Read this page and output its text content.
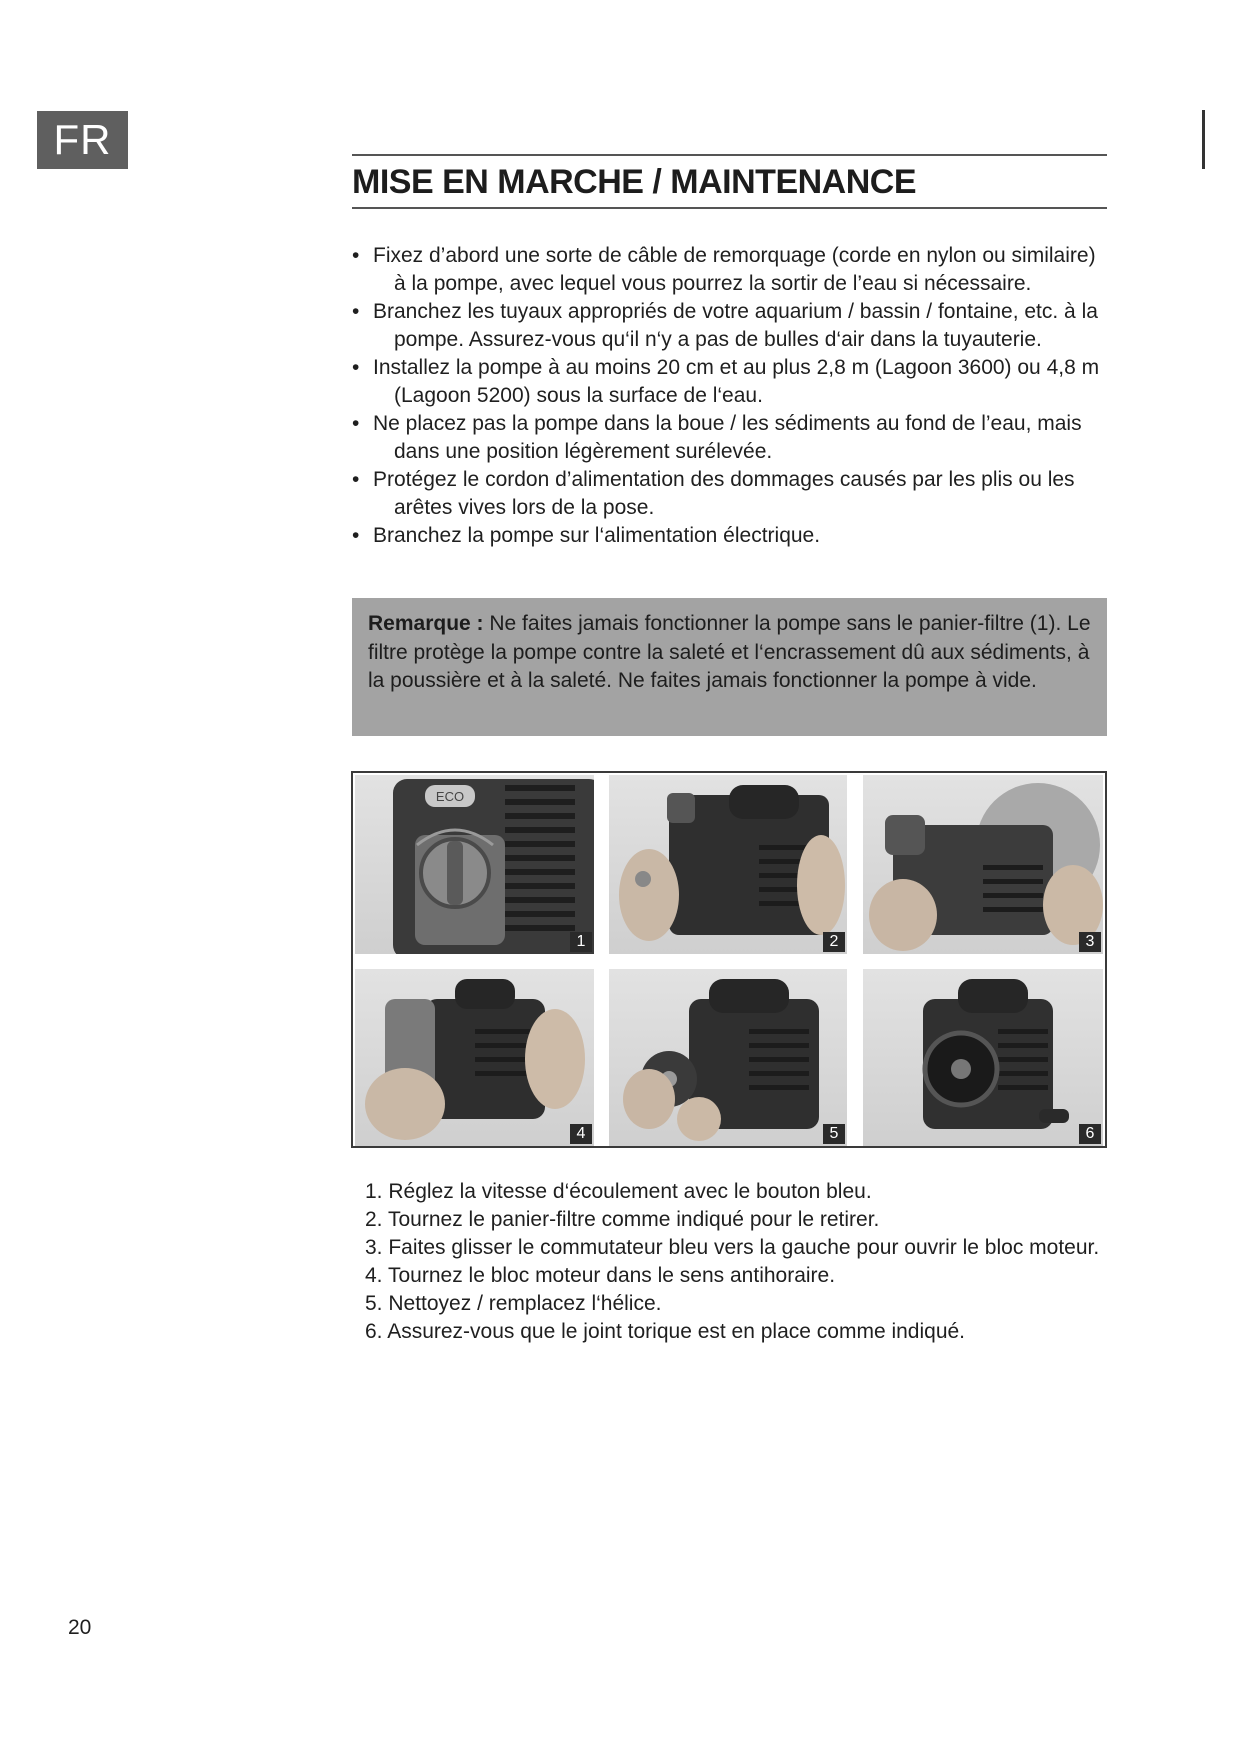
FR
MISE EN MARCHE / MAINTENANCE
• Fixez d’abord une sorte de câble de remorquage (corde en nylon ou similaire) à la pompe, avec lequel vous pourrez la sortir de l’eau si nécessaire.
• Branchez les tuyaux appropriés de votre aquarium / bassin / fontaine, etc. à la pompe. Assurez-vous qu‘il n‘y a pas de bulles d‘air dans la tuyauterie.
• Installez la pompe à au moins 20 cm et au plus 2,8 m (Lagoon 3600) ou 4,8 m (Lagoon 5200) sous la surface de l‘eau.
• Ne placez pas la pompe dans la boue / les sédiments au fond de l’eau, mais dans une position légèrement surélevée.
• Protégez le cordon d’alimentation des dommages causés par les plis ou les arêtes vives lors de la pose.
• Branchez la pompe sur l‘alimentation électrique.
Remarque : Ne faites jamais fonctionner la pompe sans le panier-filtre (1). Le filtre protège la pompe contre la saleté et l‘encrassement dû aux sédiments, à la poussière et à la saleté. Ne faites jamais fonctionner la pompe à vide.
ECO
1	2	3
4	5	6
1. Réglez la vitesse d‘écoulement avec le bouton bleu.
2. Tournez le panier-filtre comme indiqué pour le retirer.
3. Faites glisser le commutateur bleu vers la gauche pour ouvrir le bloc moteur.
4. Tournez le bloc moteur dans le sens antihoraire.
5. Nettoyez / remplacez l‘hélice.
6. Assurez-vous que le joint torique est en place comme indiqué.
20
